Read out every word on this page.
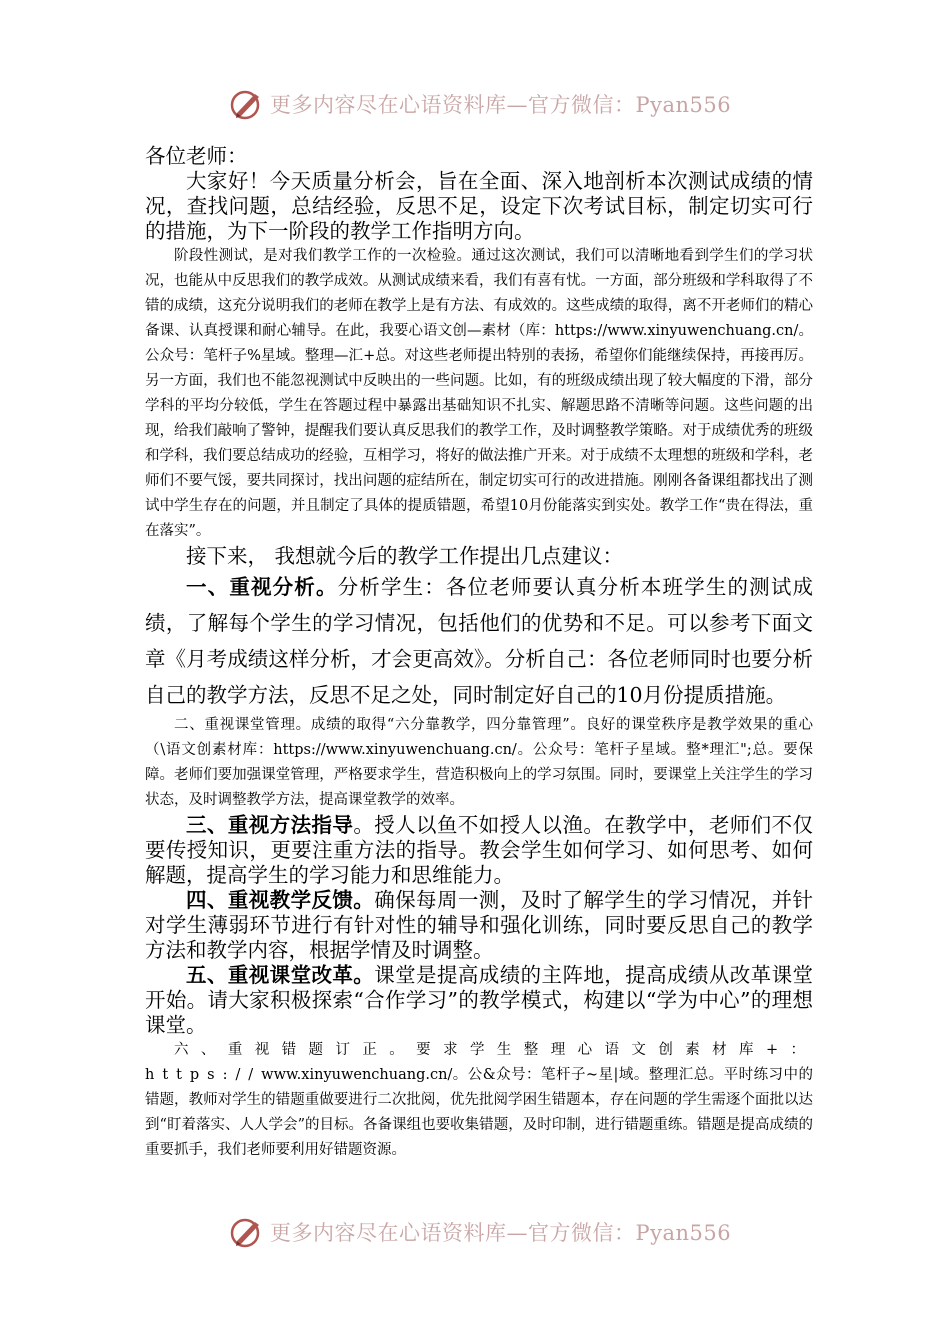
更多内容尽在心语资料库—官方微信：Pyan556

各位老师：

大家好！今天质量分析会，旨在全面、深入地剖析本次测试成绩的情况，查找问题，总结经验，反思不足，设定下次考试目标，制定切实可行的措施，为下一阶段的教学工作指明方向。

阶段性测试，是对我们教学工作的一次检验。通过这次测试，我们可以清晰地看到学生们的学习状况，也能从中反思我们的教学成效。从测试成绩来看，我们有喜有忧。一方面，部分班级和学科取得了不错的成绩，这充分说明我们的老师在教学上是有方法、有成效的。这些成绩的取得，离不开老师们的精心备课、认真授课和耐心辅导。在此，我要心语文创—素材（库：https://www.xinyuwenchuang.cn/。公众号：笔杆子%星域。整理—汇+总。对这些老师提出特别的表扬，希望你们能继续保持，再接再厉。另一方面，我们也不能忽视测试中反映出的一些问题。比如，有的班级成绩出现了较大幅度的下滑，部分学科的平均分较低，学生在答题过程中暴露出基础知识不扎实、解题思路不清晰等问题。这些问题的出现，给我们敲响了警钟，提醒我们要认真反思我们的教学工作，及时调整教学策略。对于成绩优秀的班级和学科，我们要总结成功的经验，互相学习，将好的做法推广开来。对于成绩不太理想的班级和学科，老师们不要气馁，要共同探讨，找出问题的症结所在，制定切实可行的改进措施。刚刚各备课组都找出了测试中学生存在的问题，并且制定了具体的提质错题，希望10月份能落实到实处。教学工作“贵在得法，重在落实”。

接下来， 我想就今后的教学工作提出几点建议：

一、重视分析。分析学生：各位老师要认真分析本班学生的测试成绩，了解每个学生的学习情况，包括他们的优势和不足。可以参考下面文章《月考成绩这样分析，才会更高效》。分析自己：各位老师同时也要分析自己的教学方法，反思不足之处，同时制定好自己的10月份提质措施。

二、重视课堂管理。成绩的取得“六分靠教学，四分靠管理”。良好的课堂秩序是教学效果的重心（\语文创素材库：https://www.xinyuwenchuang.cn/。公众号：笔杆子星域。整*理汇";总。要保障。老师们要加强课堂管理，严格要求学生，营造积极向上的学习氛围。同时，要课堂上关注学生的学习状态，及时调整教学方法，提高课堂教学的效率。

三、重视方法指导。授人以鱼不如授人以渔。在教学中，老师们不仅要传授知识，更要注重方法的指导。教会学生如何学习、如何思考、如何解题，提高学生的学习能力和思维能力。

四、重视教学反馈。确保每周一测，及时了解学生的学习情况，并针对学生薄弱环节进行有针对性的辅导和强化训练，同时要反思自己的教学方法和教学内容，根据学情及时调整。

五、重视课堂改革。课堂是提高成绩的主阵地，提高成绩从改革课堂开始。请大家积极探索“合作学习”的教学模式，构建以“学为中心”的理想课堂。

六、重视错题订正。要求学生整理心语文创素材库+：https://www.xinyuwenchuang.cn/。公&众号：笔杆子~星|域。整理汇总。平时练习中的错题，教师对学生的错题重做要进行二次批阅，优先批阅学困生错题本，存在问题的学生需逐个面批以达到“盯着落实、人人学会”的目标。各备课组也要收集错题，及时印制，进行错题重练。错题是提高成绩的重要抓手，我们老师要利用好错题资源。

更多内容尽在心语资料库—官方微信：Pyan556
